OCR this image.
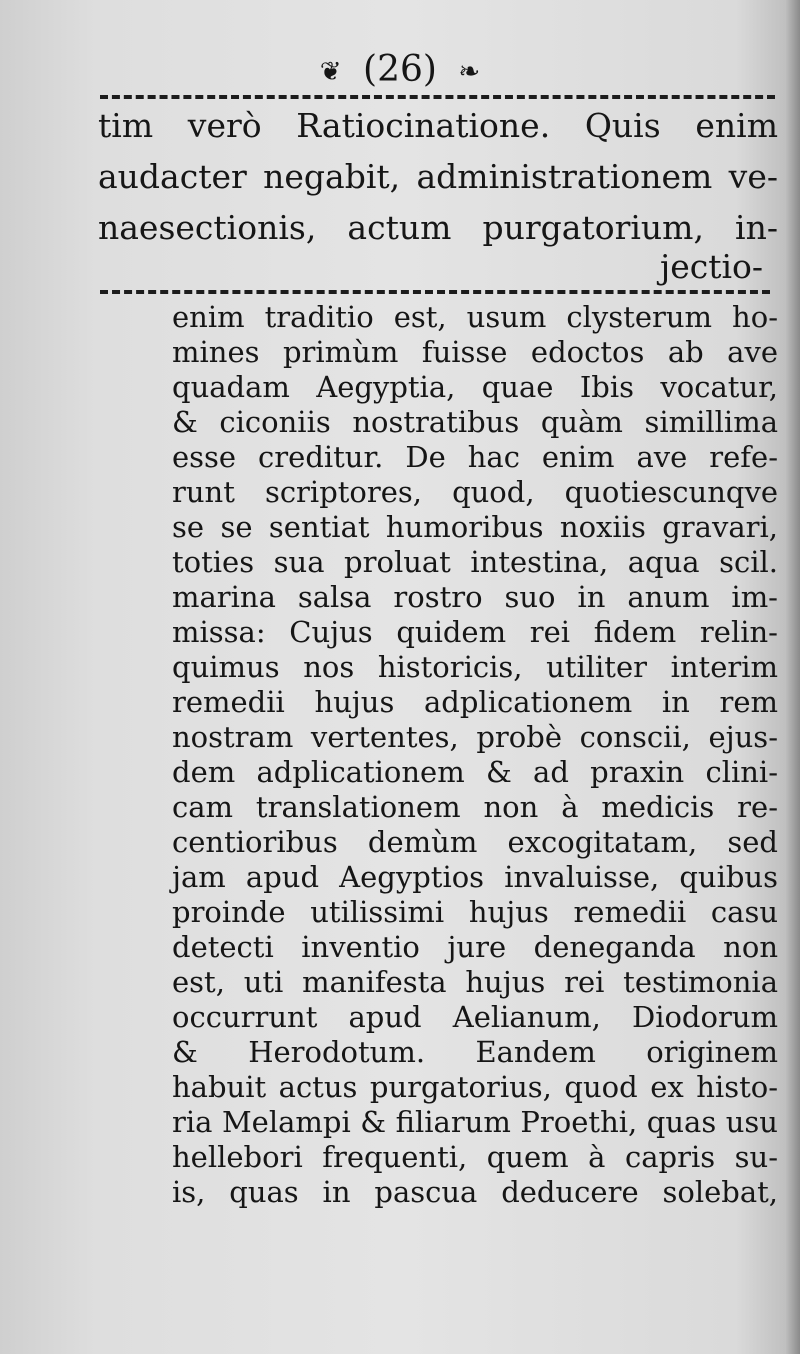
❦ (26) ❧
tim verò Ratiocinatione. Quis enim
audacter negabit, administrationem ve-
naesectionis, actum purgatorium, in-
jectio-
enim traditio est, usum clysterum ho-
mines primùm fuisse edoctos ab ave
quadam Aegyptia, quae Ibis vocatur,
& ciconiis nostratibus quàm simillima
esse creditur. De hac enim ave refe-
runt scriptores, quod, quotiescunqve
se se sentiat humoribus noxiis gravari,
toties sua proluat intestina, aqua scil.
marina salsa rostro suo in anum im-
missa: Cujus quidem rei fidem relin-
quimus nos historicis, utiliter interim
remedii hujus adplicationem in rem
nostram vertentes, probè conscii, ejus-
dem adplicationem & ad praxin clini-
cam translationem non à medicis re-
centioribus demùm excogitatam, sed
jam apud Aegyptios invaluisse, quibus
proinde utilissimi hujus remedii casu
detecti inventio jure deneganda non
est, uti manifesta hujus rei testimonia
occurrunt apud Aelianum, Diodorum
& Herodotum. Eandem originem
habuit actus purgatorius, quod ex histo-
ria Melampi & filiarum Proethi, quas usu
hellebori frequenti, quem à capris su-
is, quas in pascua deducere solebat,
